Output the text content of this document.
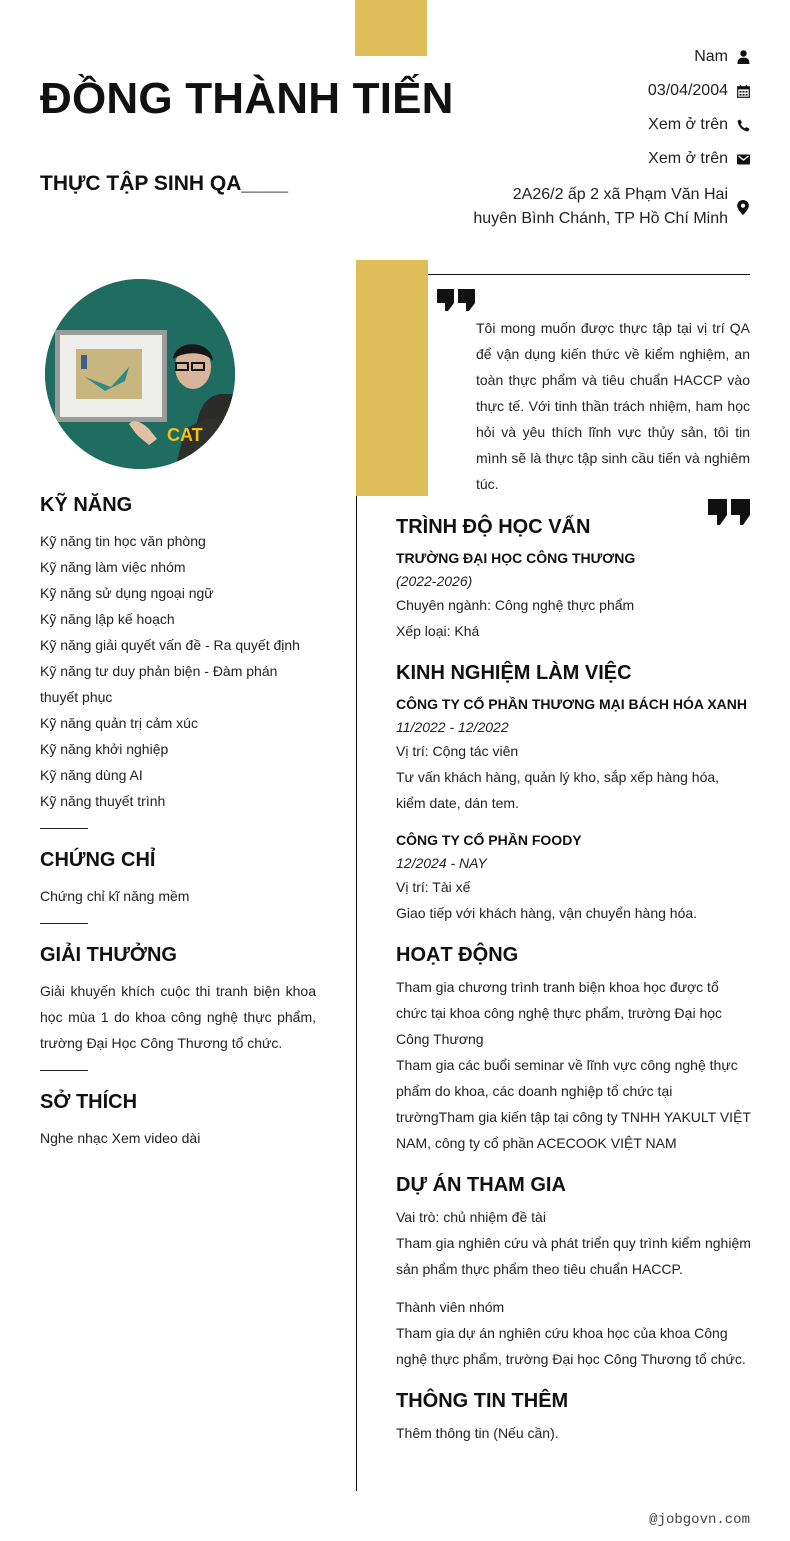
ĐỒNG THÀNH TIẾN
THỰC TẬP SINH QA____
Nam
03/04/2004
Xem ở trên
Xem ở trên
2A26/2 ấp 2 xã Phạm Văn Hai
huyên Bình Chánh, TP Hồ Chí Minh
CAT
Tôi mong muốn được thực tập tại vị trí QA để vận dụng kiến thức về kiểm nghiệm, an toàn thực phẩm và tiêu chuẩn HACCP vào thực tế. Với tinh thần trách nhiệm, ham học hỏi và yêu thích lĩnh vực thủy sản, tôi tin mình sẽ là thực tập sinh cầu tiến và nghiêm túc.
KỸ NĂNG
Kỹ năng tin học văn phòng
Kỹ năng làm việc nhóm
Kỹ năng sử dụng ngoại ngữ
Kỹ năng lập kế hoạch
Kỹ năng giải quyết vấn đề - Ra quyết định
Kỹ năng tư duy phản biện - Đàm phán thuyết phục
Kỹ năng quản trị cảm xúc
Kỹ năng khởi nghiệp
Kỹ năng dùng AI
Kỹ năng thuyết trình
CHỨNG CHỈ
Chứng chỉ kĩ năng mềm
GIẢI THƯỞNG
Giải khuyến khích cuộc thi tranh biện khoa học mùa 1 do khoa công nghệ thực phẩm, trường Đại Học Công Thương tổ chức.
SỞ THÍCH
Nghe nhạc Xem video dài
TRÌNH ĐỘ HỌC VẤN
TRƯỜNG ĐẠI HỌC CÔNG THƯƠNG
(2022-2026)
Chuyên ngành: Công nghệ thực phẩm
Xếp loại: Khá
KINH NGHIỆM LÀM VIỆC
CÔNG TY CỔ PHẦN THƯƠNG MẠI BÁCH HÓA XANH
11/2022 - 12/2022
Vị trí: Cộng tác viên
Tư vấn khách hàng, quản lý kho, sắp xếp hàng hóa, kiểm date, dán tem.
CÔNG TY CỔ PHẦN FOODY
12/2024 - NAY
Vị trí: Tài xế
Giao tiếp với khách hàng, vận chuyển hàng hóa.
HOẠT ĐỘNG
Tham gia chương trình tranh biện khoa học được tổ chức tại khoa công nghệ thực phẩm, trường Đại học Công Thương
Tham gia các buổi seminar về lĩnh vực công nghệ thực phẩm do khoa, các doanh nghiệp tổ chức tại trườngTham gia kiến tập tại công ty TNHH YAKULT VIỆT NAM, công ty cổ phần ACECOOK VIỆT NAM
DỰ ÁN THAM GIA
Vai trò: chủ nhiệm đề tài
Tham gia nghiên cứu và phát triển quy trình kiểm nghiệm sản phẩm thực phẩm theo tiêu chuẩn HACCP.
Thành viên nhóm
Tham gia dự án nghiên cứu khoa học của khoa Công nghệ thực phẩm, trường Đại học Công Thương tổ chức.
THÔNG TIN THÊM
Thêm thông tin (Nếu cần).
@jobgovn.com
